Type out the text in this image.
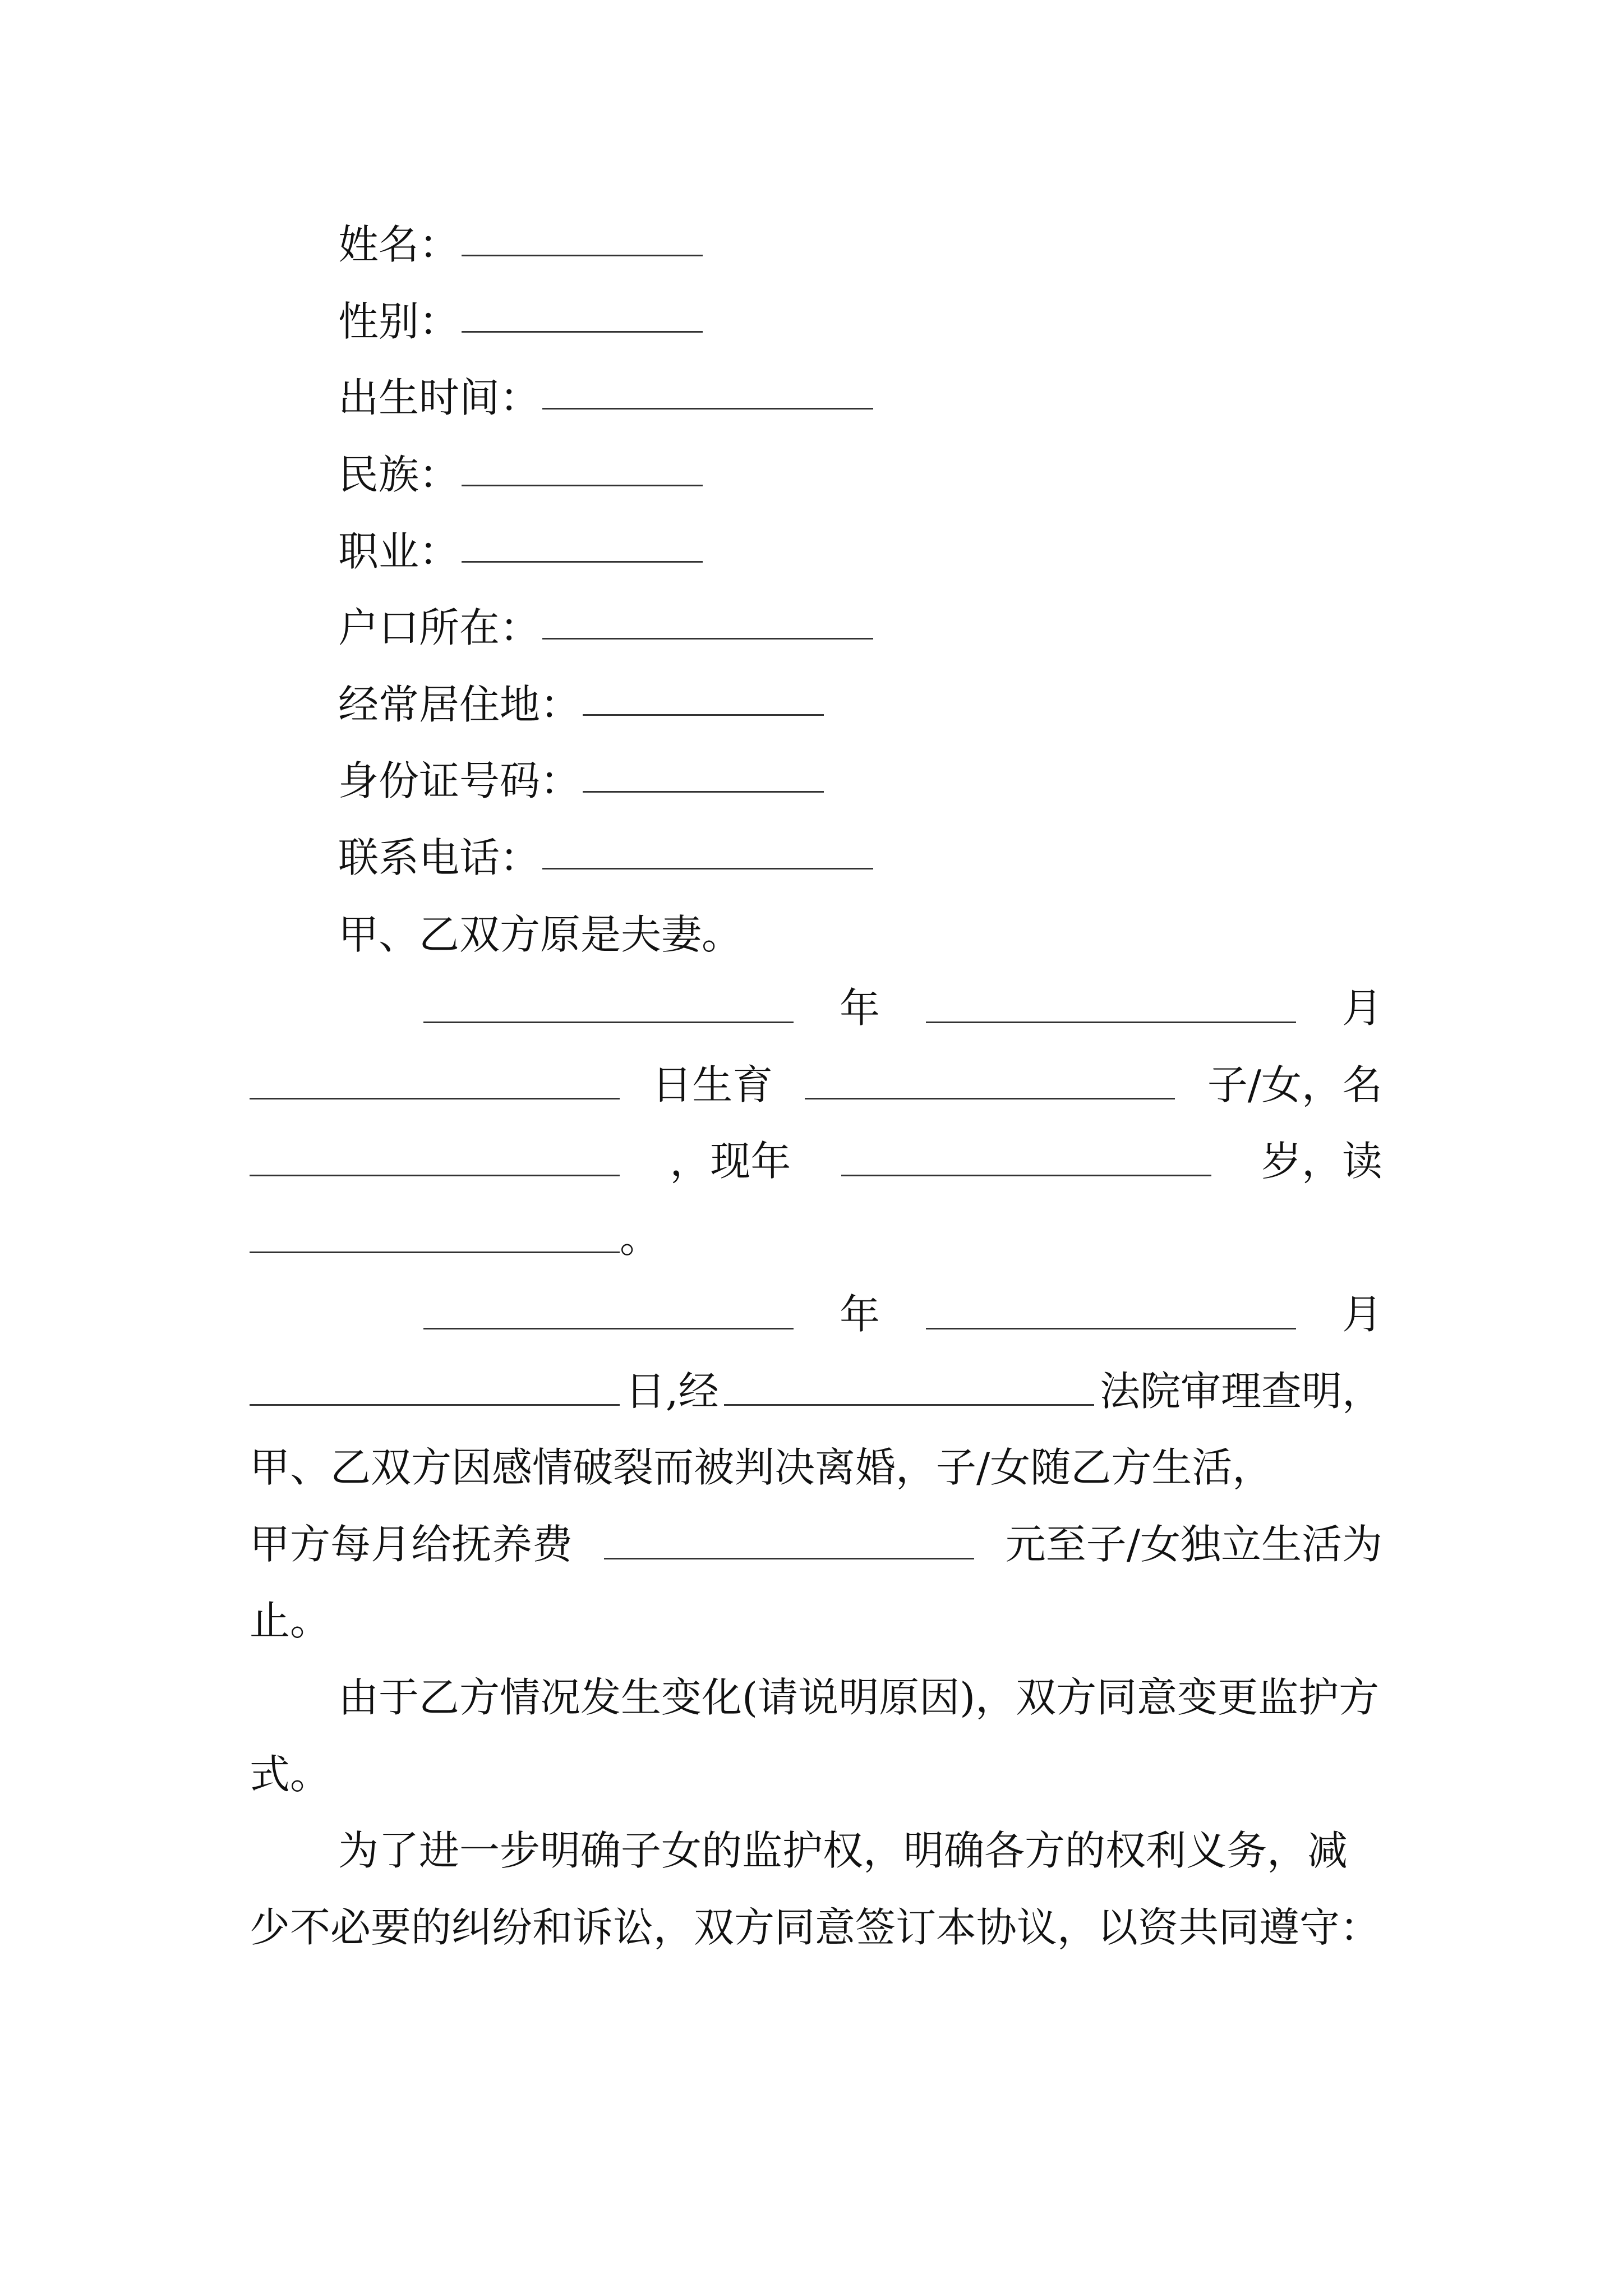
姓名：
性别：
出生时间：
民族：
职业：
户口所在：
经常居住地：
身份证号码：
联系电话：
甲、乙双方原是夫妻。
年	月
日生育	子/女，名
，现年	岁，读
。
年	月
日,经	法院审理查明，
甲、乙双方因感情破裂而被判决离婚，子/女随乙方生活，
甲方每月给抚养费	元至子/女独立生活为
止。

由于乙方情况发生变化(请说明原因)，双方同意变更监护方式。

为了进一步明确子女的监护权，明确各方的权利义务，减少不必要的纠纷和诉讼，双方同意签订本协议，以资共同遵守：
